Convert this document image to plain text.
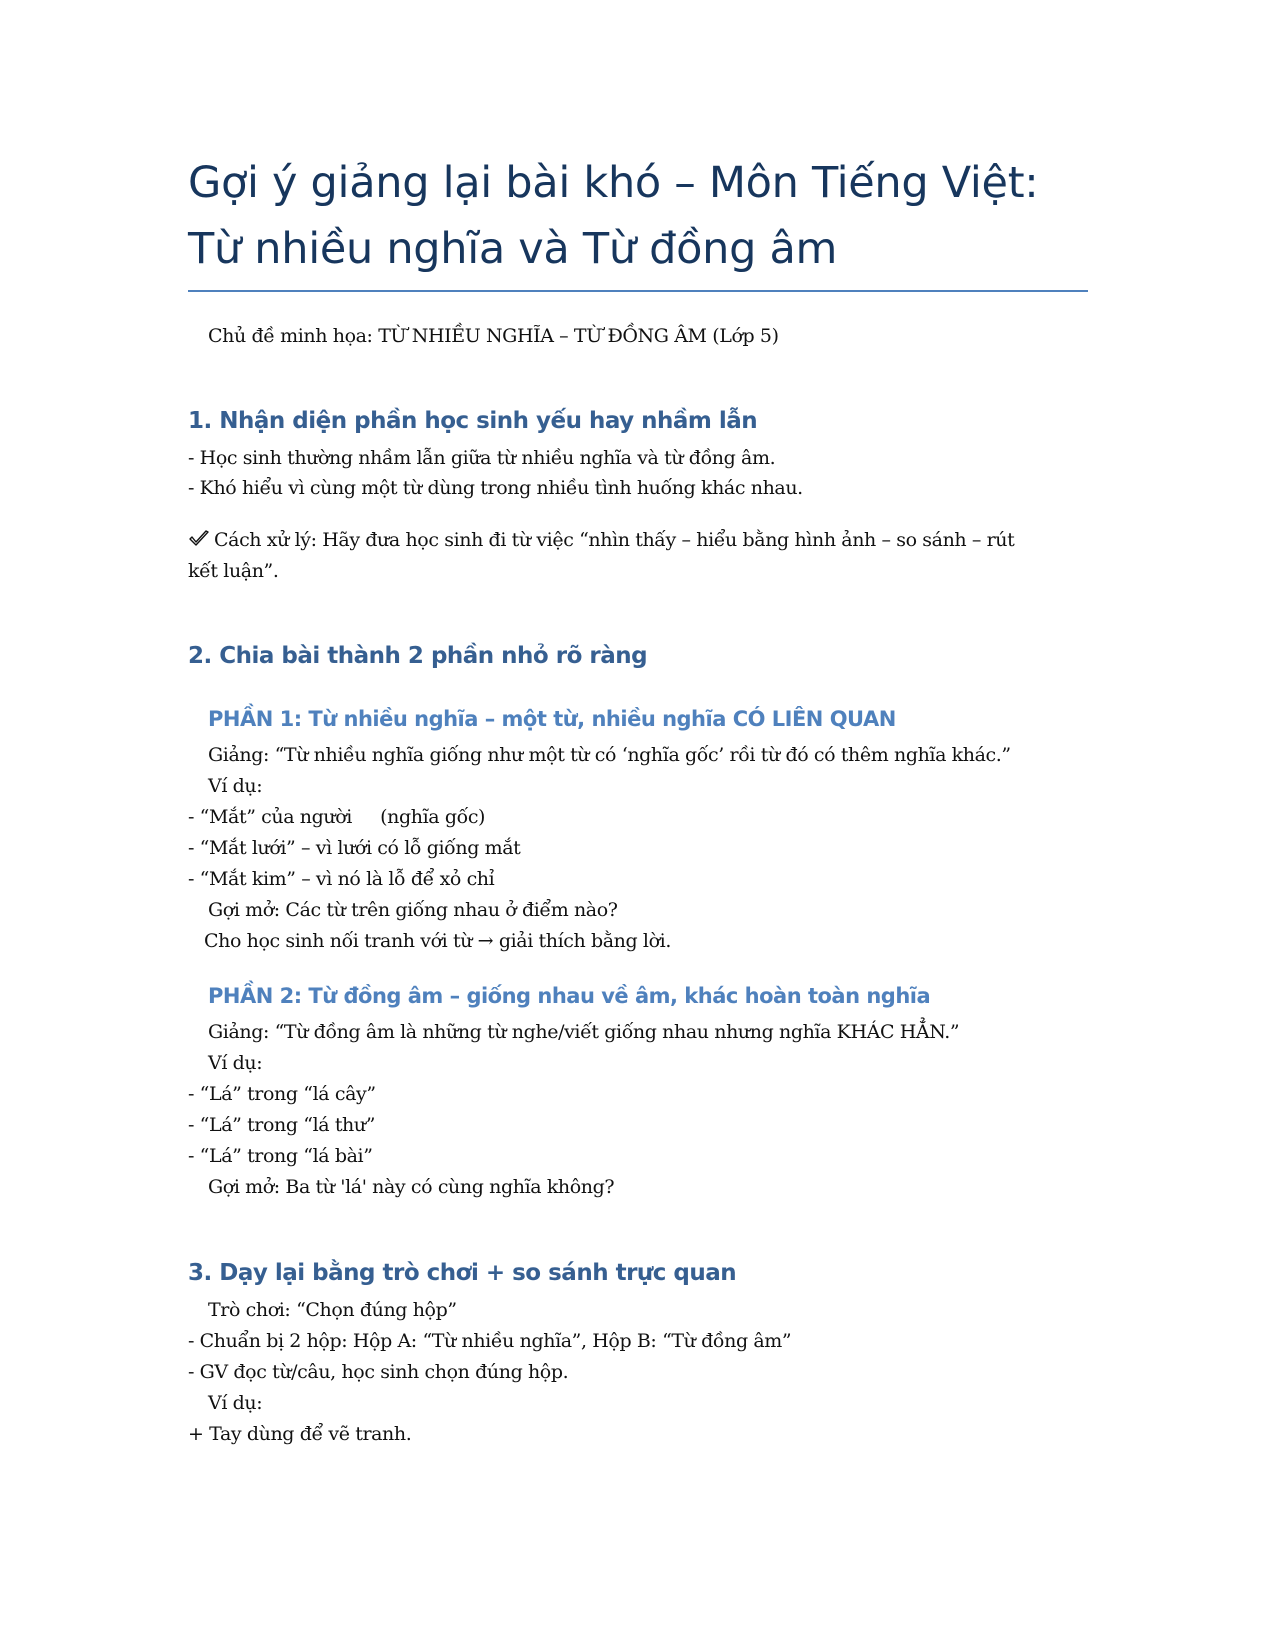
Gợi ý giảng lại bài khó – Môn Tiếng Việt:
Từ nhiều nghĩa và Từ đồng âm
Chủ đề minh họa: TỪ NHIỀU NGHĨA – TỪ ĐỒNG ÂM (Lớp 5)
1. Nhận diện phần học sinh yếu hay nhầm lẫn
- Học sinh thường nhầm lẫn giữa từ nhiều nghĩa và từ đồng âm.
- Khó hiểu vì cùng một từ dùng trong nhiều tình huống khác nhau.
Cách xử lý: Hãy đưa học sinh đi từ việc “nhìn thấy – hiểu bằng hình ảnh – so sánh – rút
kết luận”.
2. Chia bài thành 2 phần nhỏ rõ ràng
PHẦN 1: Từ nhiều nghĩa – một từ, nhiều nghĩa CÓ LIÊN QUAN
Giảng: “Từ nhiều nghĩa giống như một từ có ‘nghĩa gốc’ rồi từ đó có thêm nghĩa khác.”
Ví dụ:
- “Mắt” của người     (nghĩa gốc)
- “Mắt lưới” – vì lưới có lỗ giống mắt
- “Mắt kim” – vì nó là lỗ để xỏ chỉ
Gợi mở: Các từ trên giống nhau ở điểm nào?
Cho học sinh nối tranh với từ → giải thích bằng lời.
PHẦN 2: Từ đồng âm – giống nhau về âm, khác hoàn toàn nghĩa
Giảng: “Từ đồng âm là những từ nghe/viết giống nhau nhưng nghĩa KHÁC HẲN.”
Ví dụ:
- “Lá” trong “lá cây”
- “Lá” trong “lá thư”
- “Lá” trong “lá bài”
Gợi mở: Ba từ 'lá' này có cùng nghĩa không?
3. Dạy lại bằng trò chơi + so sánh trực quan
Trò chơi: “Chọn đúng hộp”
- Chuẩn bị 2 hộp: Hộp A: “Từ nhiều nghĩa”, Hộp B: “Từ đồng âm”
- GV đọc từ/câu, học sinh chọn đúng hộp.
Ví dụ:
+ Tay dùng để vẽ tranh.
